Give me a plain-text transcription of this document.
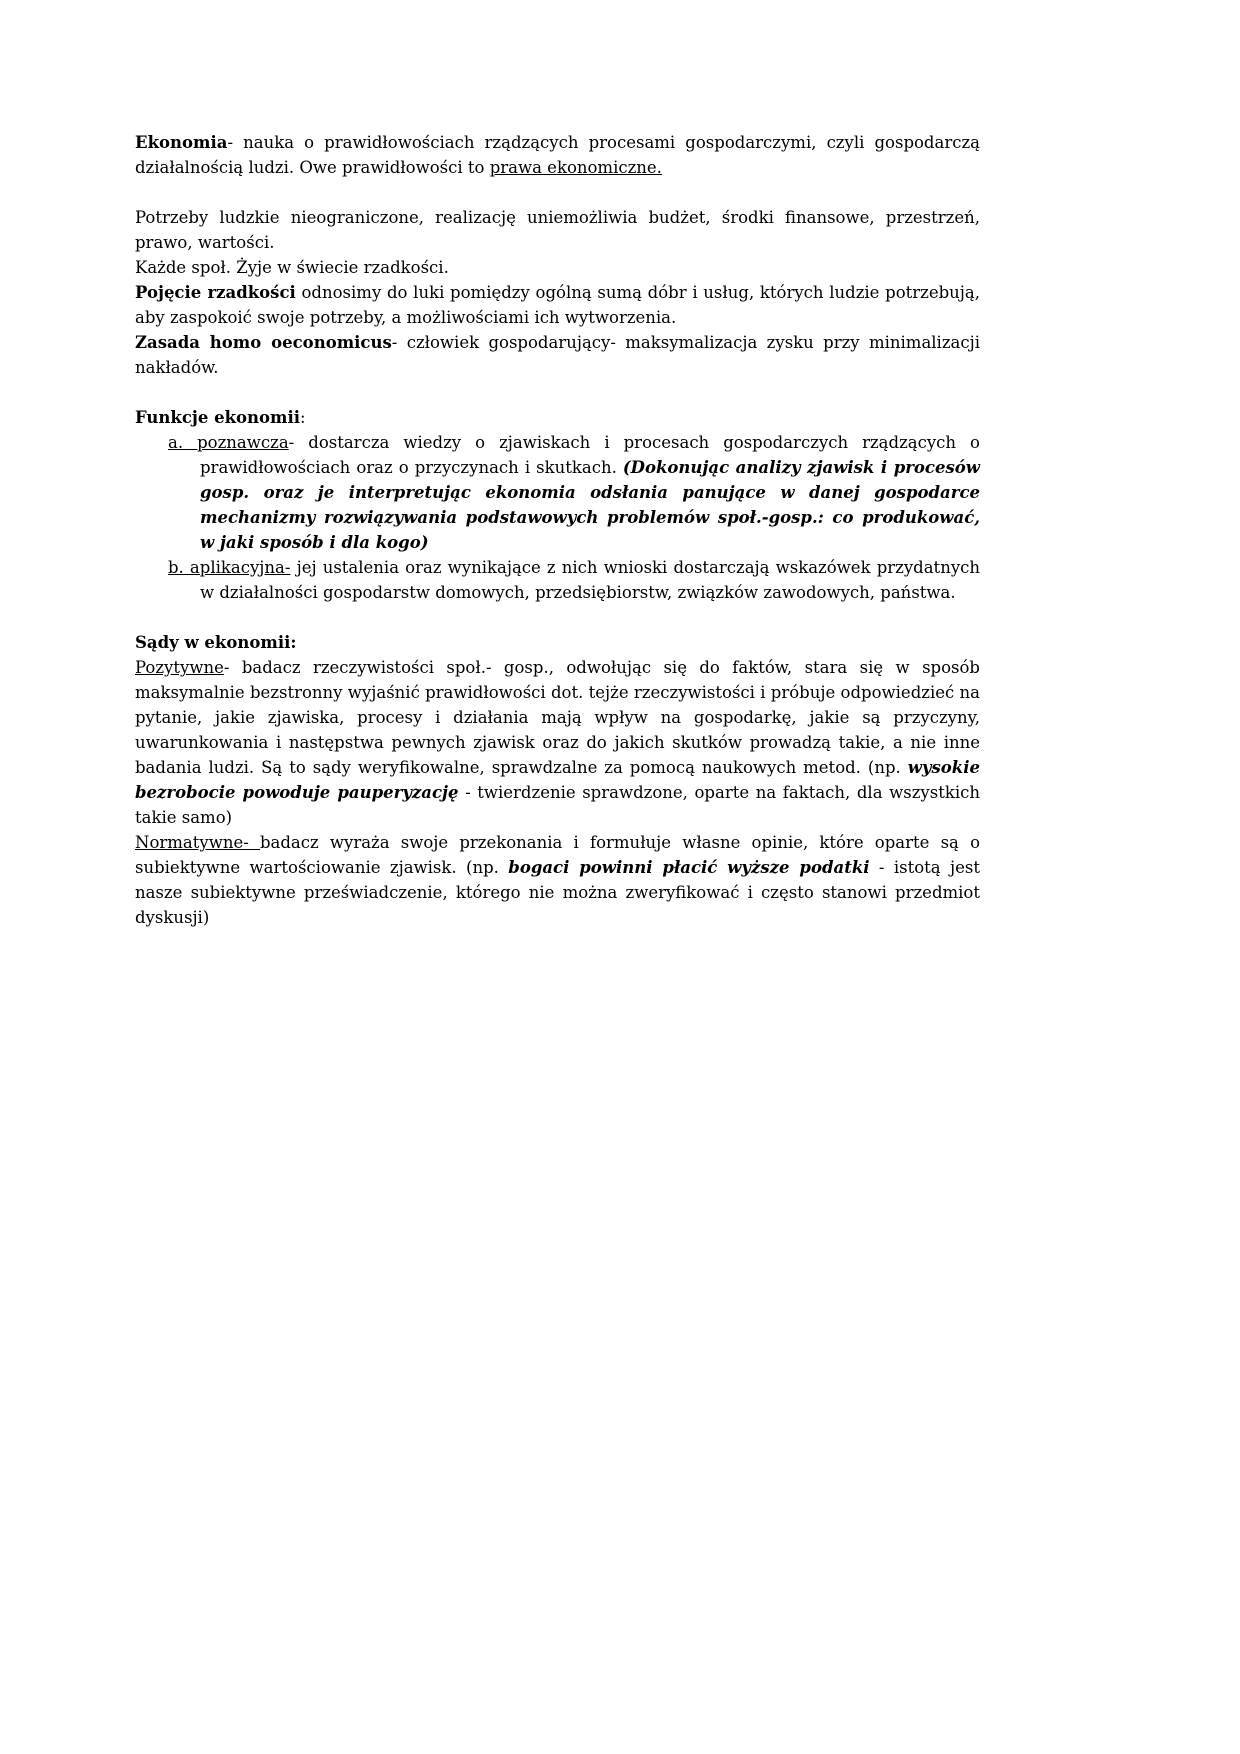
Ekonomia- nauka o prawidłowościach rządzących procesami gospodarczymi, czyli gospodarczą działalnością ludzi. Owe prawidłowości to prawa ekonomiczne.

Potrzeby ludzkie nieograniczone, realizację uniemożliwia budżet, środki finansowe, przestrzeń, prawo, wartości.
Każde społ. Żyje w świecie rzadkości.
Pojęcie rzadkości odnosimy do luki pomiędzy ogólną sumą dóbr i usług, których ludzie potrzebują, aby zaspokoić swoje potrzeby, a możliwościami ich wytworzenia.
Zasada homo oeconomicus- człowiek gospodarujący- maksymalizacja zysku przy minimalizacji nakładów.

Funkcje ekonomii:
a. poznawcza- dostarcza wiedzy o zjawiskach i procesach gospodarczych rządzących o prawidłowościach oraz o przyczynach i skutkach. (Dokonując analizy zjawisk i procesów gosp. oraz je interpretując ekonomia odsłania panujące w danej gospodarce mechanizmy rozwiązywania podstawowych problemów społ.-gosp.: co produkować, w jaki sposób i dla kogo)
b. aplikacyjna- jej ustalenia oraz wynikające z nich wnioski dostarczają wskazówek przydatnych w działalności gospodarstw domowych, przedsiębiorstw, związków zawodowych, państwa.

Sądy w ekonomii:
Pozytywne- badacz rzeczywistości społ.- gosp., odwołując się do faktów, stara się w sposób maksymalnie bezstronny wyjaśnić prawidłowości dot. tejże rzeczywistości i próbuje odpowiedzieć na pytanie, jakie zjawiska, procesy i działania mają wpływ na gospodarkę, jakie są przyczyny, uwarunkowania i następstwa pewnych zjawisk oraz do jakich skutków prowadzą takie, a nie inne badania ludzi. Są to sądy weryfikowalne, sprawdzalne za pomocą naukowych metod. (np. wysokie bezrobocie powoduje pauperyzację - twierdzenie sprawdzone, oparte na faktach, dla wszystkich takie samo)
Normatywne- badacz wyraża swoje przekonania i formułuje własne opinie, które oparte są o subiektywne wartościowanie zjawisk. (np. bogaci powinni płacić wyższe podatki - istotą jest nasze subiektywne przeświadczenie, którego nie można zweryfikować i często stanowi przedmiot dyskusji)
